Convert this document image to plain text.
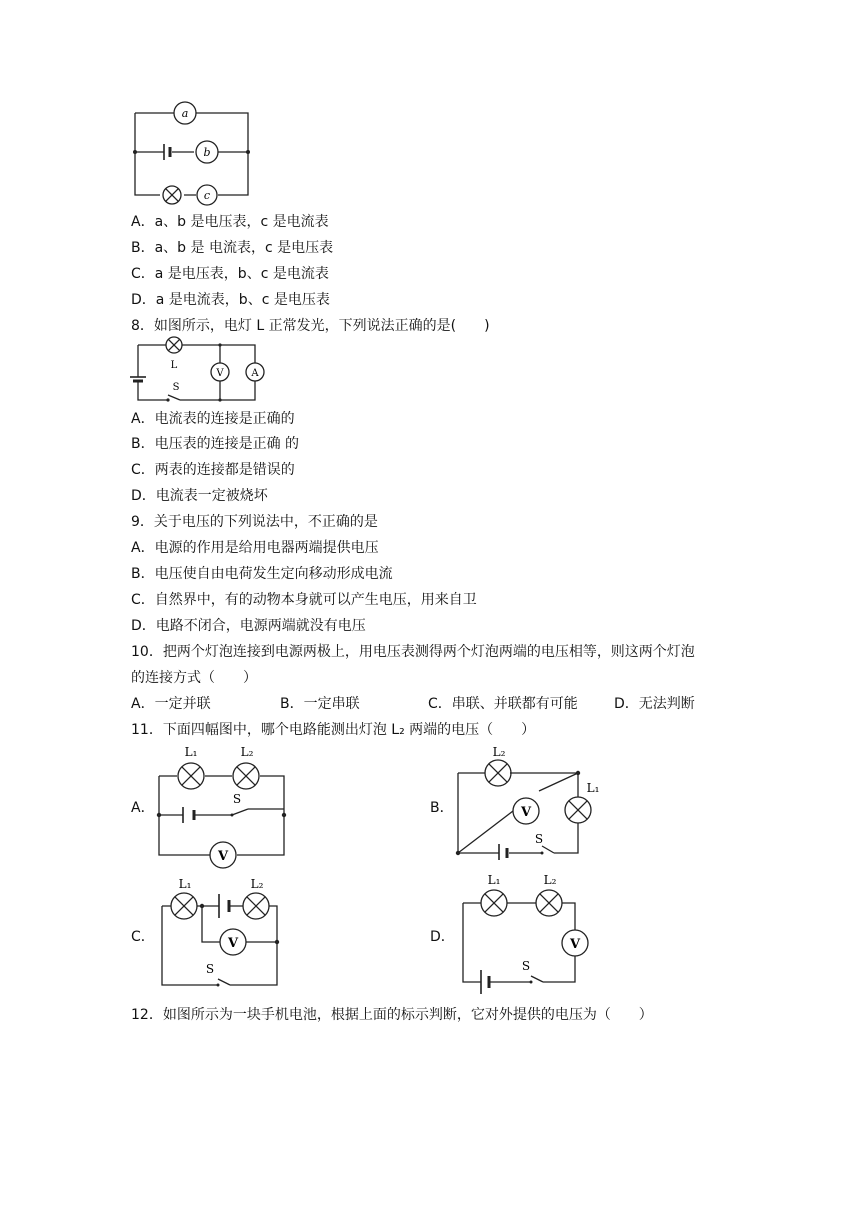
a
b
c
A．a、b 是电压表，c 是电流表
B．a、b 是 电流表，c 是电压表
C．a 是电压表，b、c 是电流表
D．a 是电流表，b、c 是电压表
8．如图所示，电灯 L 正常发光，下列说法正确的是(　　)
L
S
V	A
A．电流表的连接是正确的
B．电压表的连接是正确 的
C．两表的连接都是错误的
D．电流表一定被烧坏
9．关于电压的下列说法中，不正确的是
A．电源的作用是给用电器两端提供电压
B．电压使自由电荷发生定向移动形成电流
C．自然界中，有的动物本身就可以产生电压，用来自卫
D．电路不闭合，电源两端就没有电压
10．把两个灯泡连接到电源两极上，用电压表测得两个灯泡两端的电压相等，则这两个灯泡
的连接方式（　　）
A．一定并联	B．一定串联	C．串联、并联都有可能	D．无法判断
11．下面四幅图中，哪个电路能测出灯泡 L₂ 两端的电压（　　）
A．
L₁	L₂
S
V
B．
L₂
L₁
S
V
C．
L₁	L₂
S
V	D．
L₁	L₂
S
V
12．如图所示为一块手机电池，根据上面的标示判断，它对外提供的电压为（　　）
